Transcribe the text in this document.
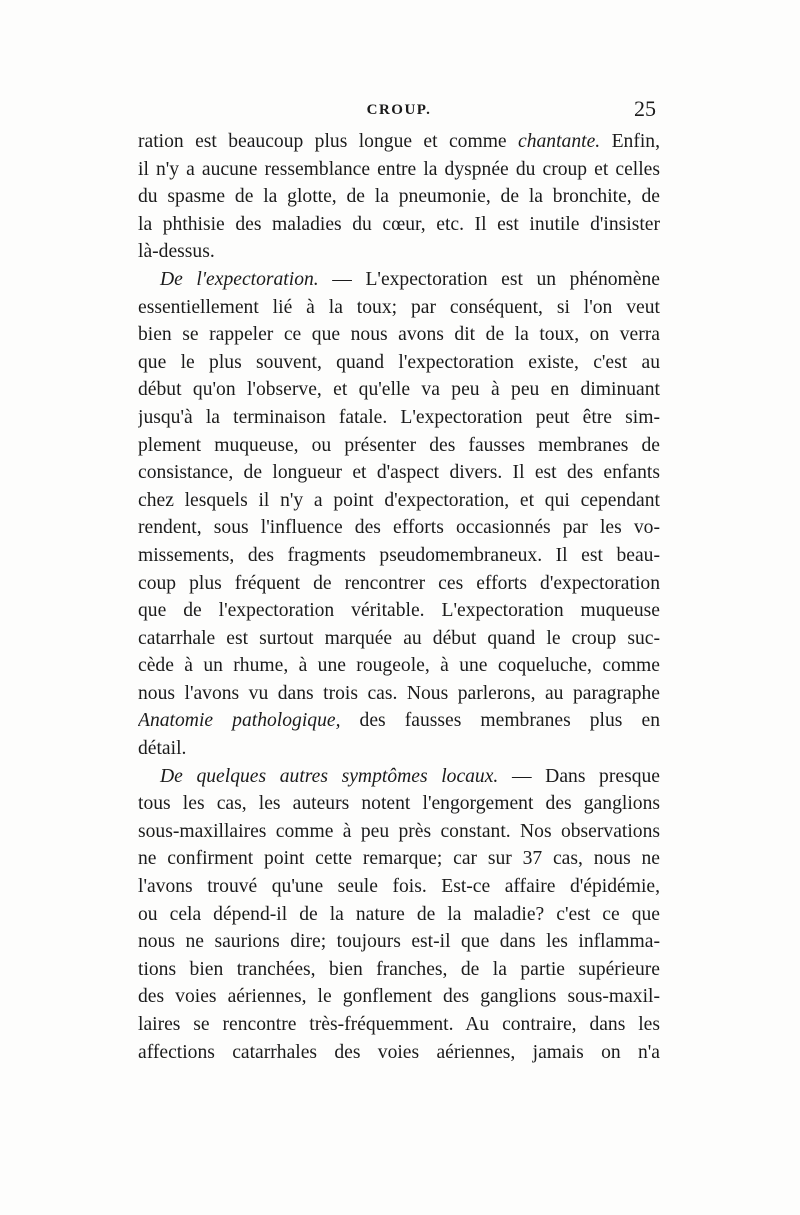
CROUP.	25
ration est beaucoup plus longue et comme chantante. Enfin,
il n'y a aucune ressemblance entre la dyspnée du croup et celles
du spasme de la glotte, de la pneumonie, de la bronchite, de
la phthisie des maladies du cœur, etc. Il est inutile d'insister
là-dessus.
De l'expectoration. — L'expectoration est un phénomène
essentiellement lié à la toux; par conséquent, si l'on veut
bien se rappeler ce que nous avons dit de la toux, on verra
que le plus souvent, quand l'expectoration existe, c'est au
début qu'on l'observe, et qu'elle va peu à peu en diminuant
jusqu'à la terminaison fatale. L'expectoration peut être sim-
plement muqueuse, ou présenter des fausses membranes de
consistance, de longueur et d'aspect divers. Il est des enfants
chez lesquels il n'y a point d'expectoration, et qui cependant
rendent, sous l'influence des efforts occasionnés par les vo-
missements, des fragments pseudomembraneux. Il est beau-
coup plus fréquent de rencontrer ces efforts d'expectoration
que de l'expectoration véritable. L'expectoration muqueuse
catarrhale est surtout marquée au début quand le croup suc-
cède à un rhume, à une rougeole, à une coqueluche, comme
nous l'avons vu dans trois cas. Nous parlerons, au paragraphe
Anatomie pathologique, des fausses membranes plus en
détail.
De quelques autres symptômes locaux. — Dans presque
tous les cas, les auteurs notent l'engorgement des ganglions
sous-maxillaires comme à peu près constant. Nos observations
ne confirment point cette remarque; car sur 37 cas, nous ne
l'avons trouvé qu'une seule fois. Est-ce affaire d'épidémie,
ou cela dépend-il de la nature de la maladie? c'est ce que
nous ne saurions dire; toujours est-il que dans les inflamma-
tions bien tranchées, bien franches, de la partie supérieure
des voies aériennes, le gonflement des ganglions sous-maxil-
laires se rencontre très-fréquemment. Au contraire, dans les
affections catarrhales des voies aériennes, jamais on n'a
